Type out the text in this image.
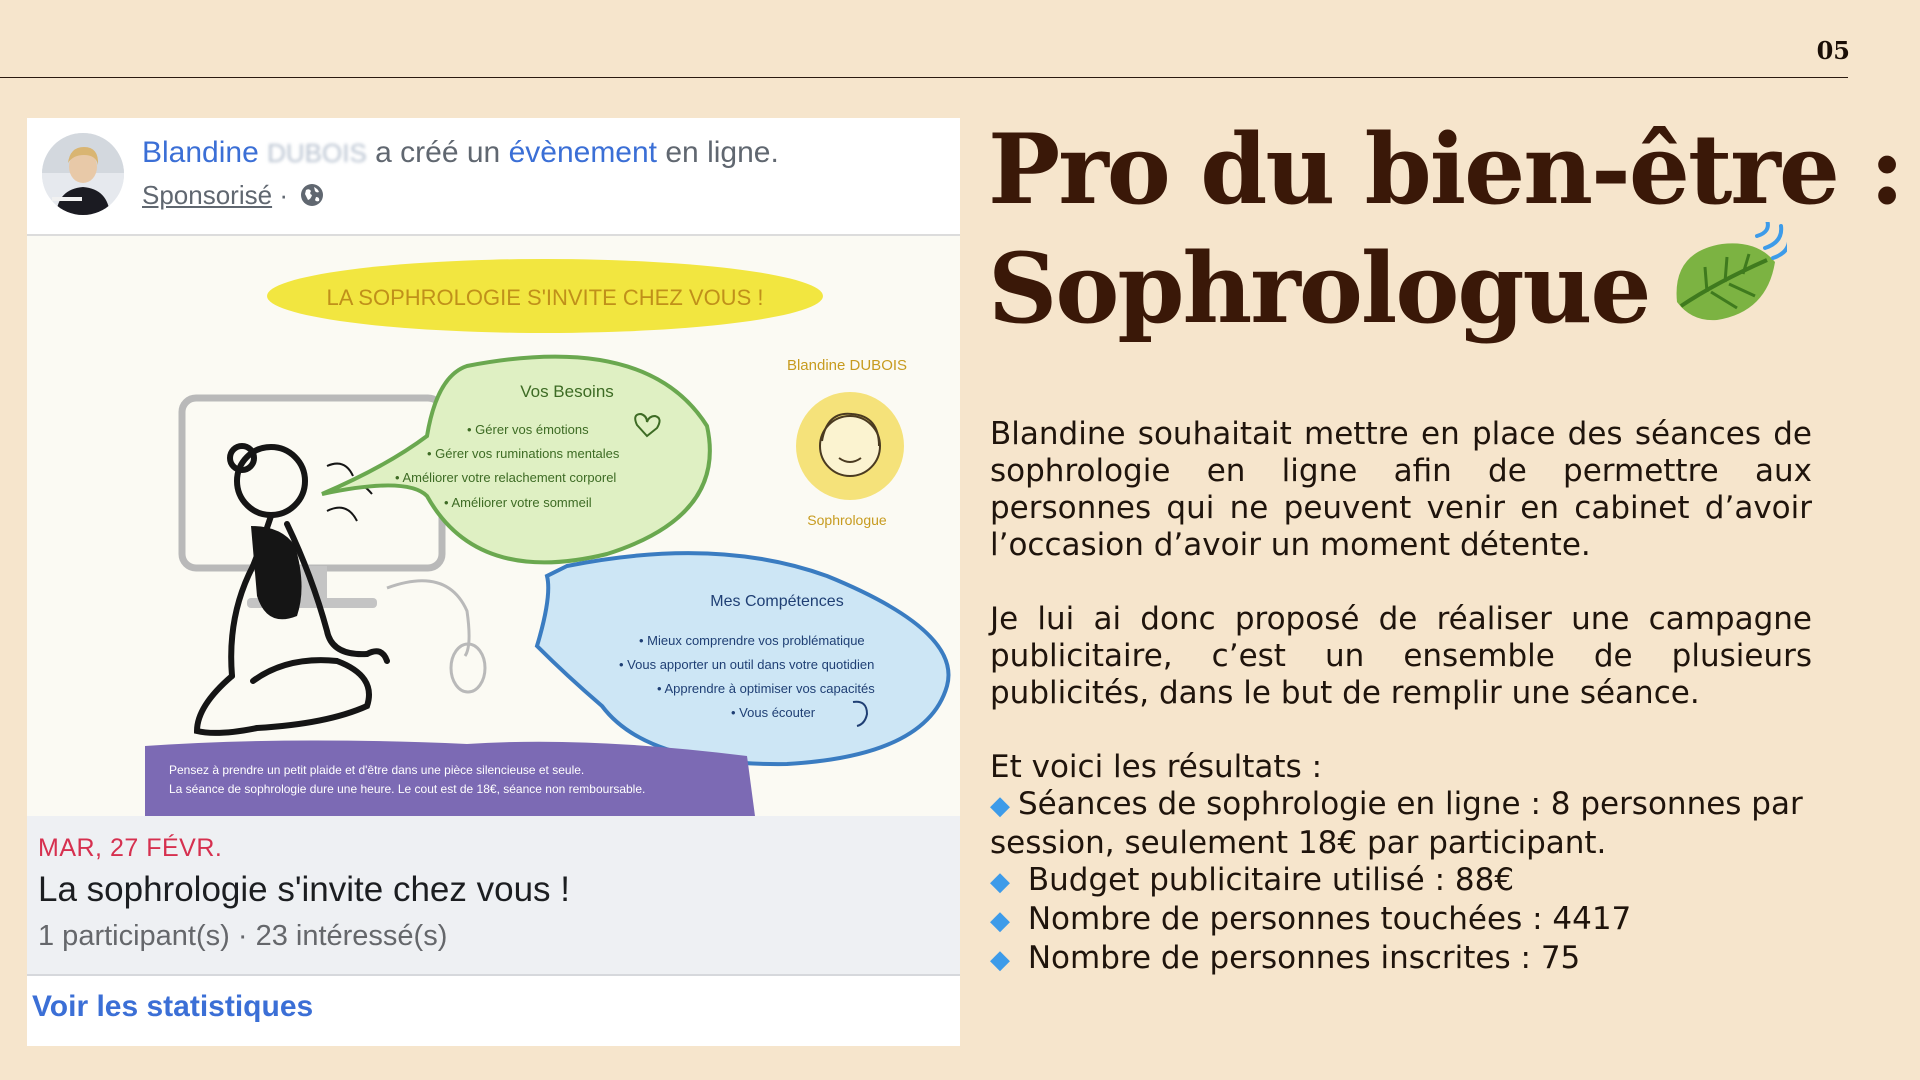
05
Blandine DUBOIS a créé un évènement en ligne.
Sponsorisé ·
LA SOPHROLOGIE S'INVITE CHEZ VOUS !
Vos Besoins
• Gérer vos émotions
• Gérer vos ruminations mentales
• Améliorer votre relachement corporel
• Améliorer votre sommeil
Blandine DUBOIS
Sophrologue
Mes Compétences
• Mieux comprendre vos problématique
• Vous apporter un outil dans votre quotidien
• Apprendre à optimiser vos capacités
• Vous écouter
Pensez à prendre un petit plaide et d'être dans une pièce silencieuse et seule.
La séance de sophrologie dure une heure. Le cout est de 18€, séance non remboursable.
MAR, 27 FÉVR.
La sophrologie s'invite chez vous !
1 participant(s) · 23 intéressé(s)
Voir les statistiques
Pro du bien-être :
Sophrologue
Blandine souhaitait mettre en place des séances de sophrologie en ligne afin de permettre aux personnes qui ne peuvent venir en cabinet d’avoir l’occasion d’avoir un moment détente.
Je lui ai donc proposé de réaliser une campagne publicitaire, c’est un ensemble de plusieurs publicités, dans le but de remplir une séance.
Et voici les résultats :
◆ Séances de sophrologie en ligne : 8 personnes par session, seulement 18€ par participant.
◆ Budget publicitaire utilisé : 88€
◆ Nombre de personnes touchées : 4417
◆ Nombre de personnes inscrites : 75
